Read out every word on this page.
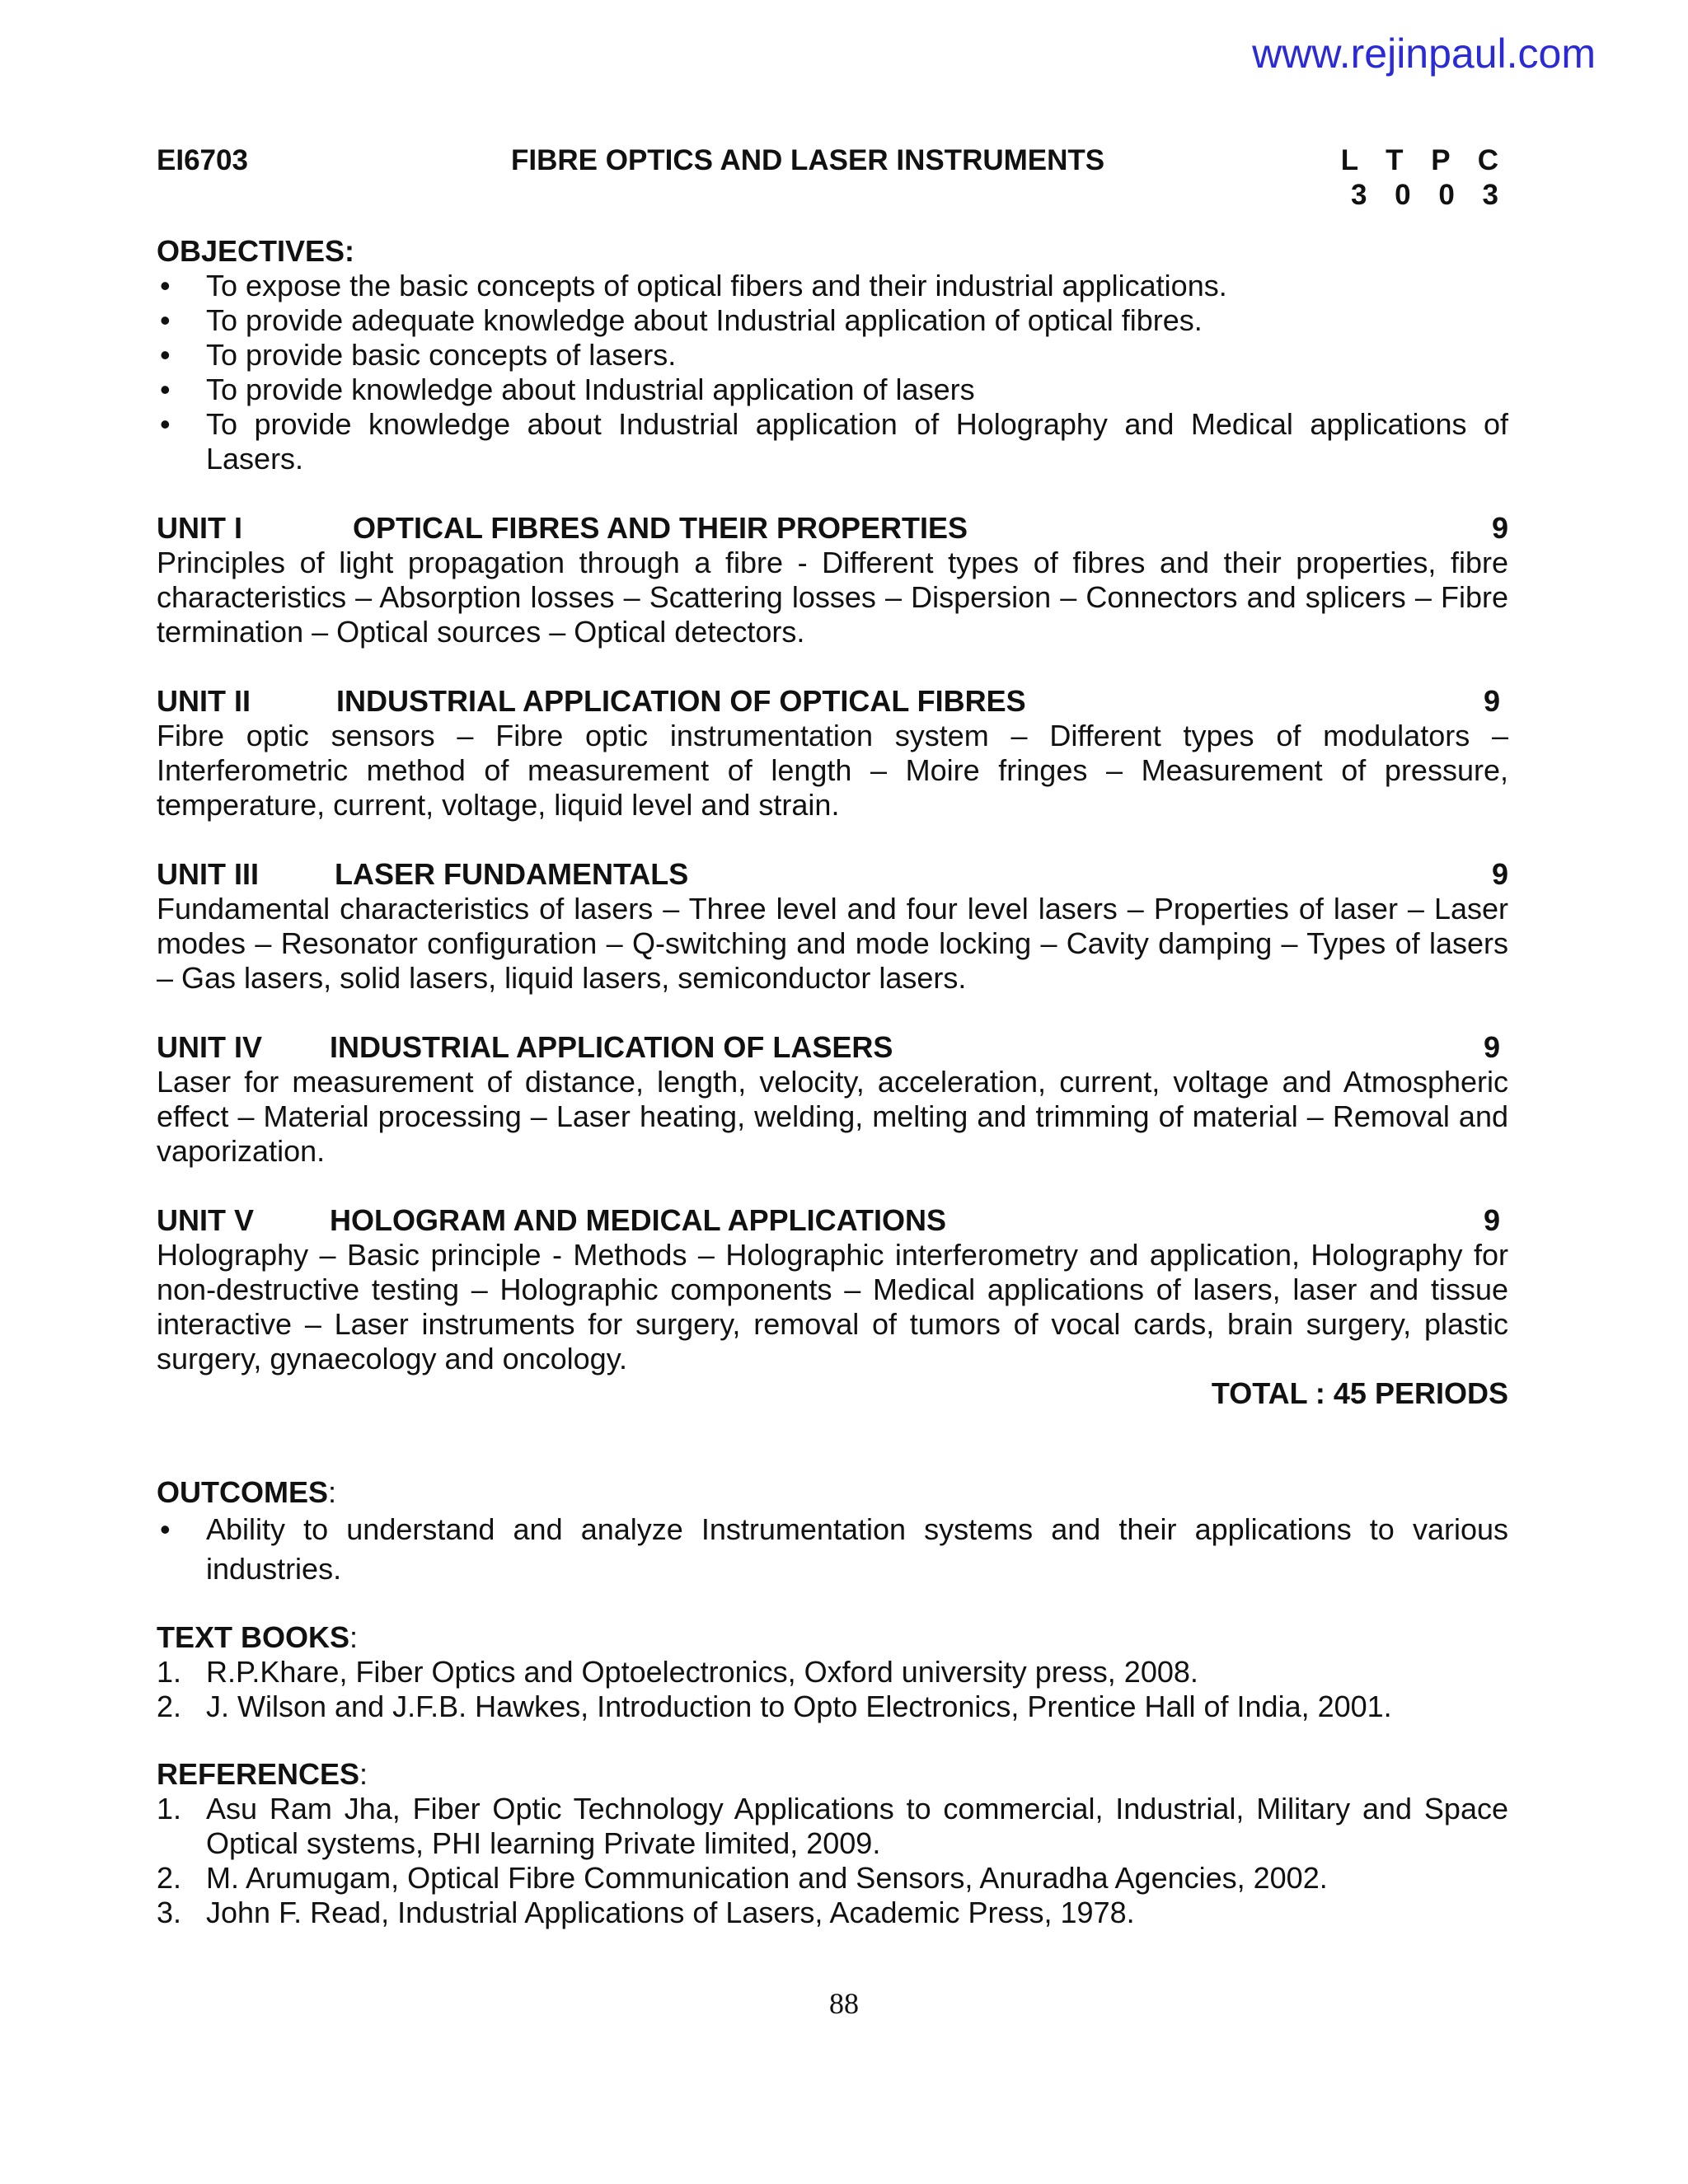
www.rejinpaul.com
EI6703	FIBRE OPTICS AND LASER INSTRUMENTS	L T P C
3 0 0 3
OBJECTIVES:
• To expose the basic concepts of optical fibers and their industrial applications.
• To provide adequate knowledge about Industrial application of optical fibres.
• To provide basic concepts of lasers.
• To provide knowledge about Industrial application of lasers
• To provide knowledge about Industrial application of Holography and Medical applications of Lasers.
UNIT I	OPTICAL FIBRES AND THEIR PROPERTIES	9
Principles of light propagation through a fibre - Different types of fibres and their properties, fibre characteristics – Absorption losses – Scattering losses – Dispersion – Connectors and splicers – Fibre termination – Optical sources – Optical detectors.
UNIT II	INDUSTRIAL APPLICATION OF OPTICAL FIBRES	9
Fibre optic sensors – Fibre optic instrumentation system – Different types of modulators – Interferometric method of measurement of length – Moire fringes – Measurement of pressure, temperature, current, voltage, liquid level and strain.
UNIT III	LASER FUNDAMENTALS	9
Fundamental characteristics of lasers – Three level and four level lasers – Properties of laser – Laser modes – Resonator configuration – Q-switching and mode locking – Cavity damping – Types of lasers – Gas lasers, solid lasers, liquid lasers, semiconductor lasers.
UNIT IV INDUSTRIAL APPLICATION OF LASERS	9
Laser for measurement of distance, length, velocity, acceleration, current, voltage and Atmospheric effect – Material processing – Laser heating, welding, melting and trimming of material – Removal and vaporization.
UNIT V	HOLOGRAM AND MEDICAL APPLICATIONS	9
Holography – Basic principle - Methods – Holographic interferometry and application, Holography for non-destructive testing – Holographic components – Medical applications of lasers, laser and tissue interactive – Laser instruments for surgery, removal of tumors of vocal cards, brain surgery, plastic surgery, gynaecology and oncology.
TOTAL : 45 PERIODS
OUTCOMES:
• Ability to understand and analyze Instrumentation systems and their applications to various industries.
TEXT BOOKS:
1. R.P.Khare, Fiber Optics and Optoelectronics, Oxford university press, 2008.
2. J. Wilson and J.F.B. Hawkes, Introduction to Opto Electronics, Prentice Hall of India, 2001.
REFERENCES:
1. Asu Ram Jha, Fiber Optic Technology Applications to commercial, Industrial, Military and Space Optical systems, PHI learning Private limited, 2009.
2. M. Arumugam, Optical Fibre Communication and Sensors, Anuradha Agencies, 2002.
3. John F. Read, Industrial Applications of Lasers, Academic Press, 1978.
88
